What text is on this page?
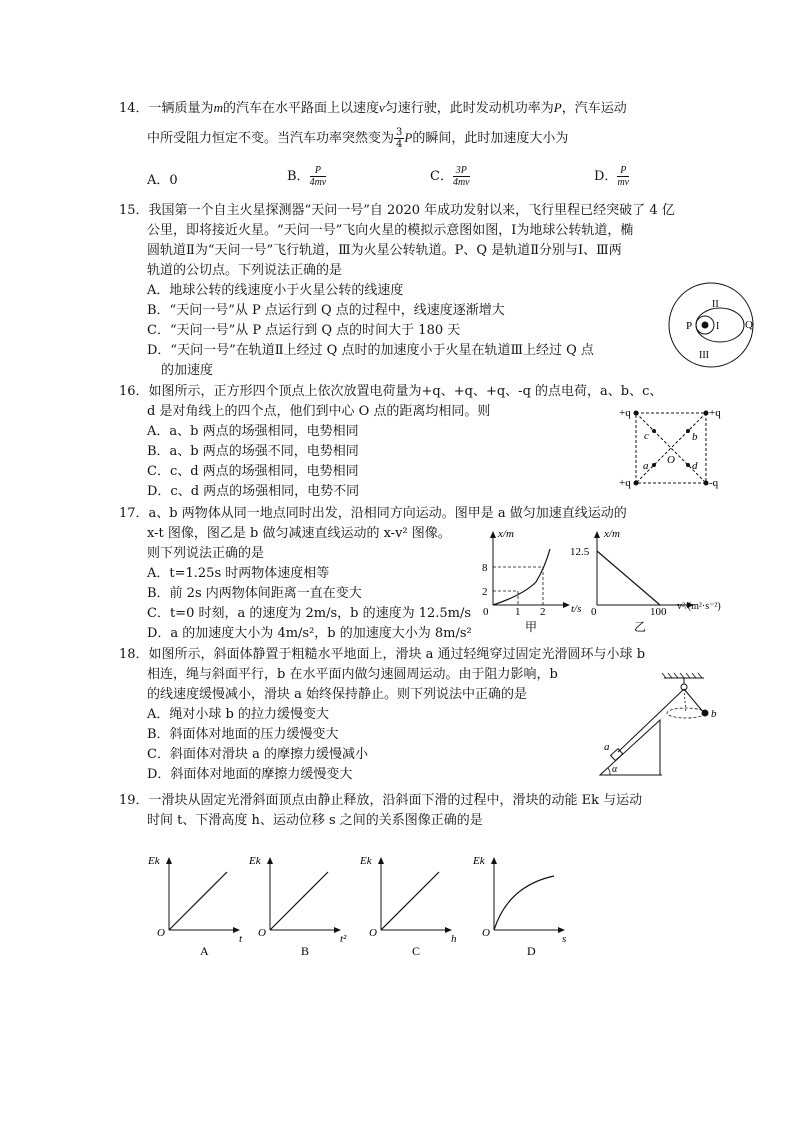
14．一辆质量为m的汽车在水平路面上以速度v匀速行驶，此时发动机功率为P，汽车运动
中所受阻力恒定不变。当汽车功率突然变为 $\frac{3}{4}$ P的瞬间，此时加速度大小为
A．0	B． $\frac{P}{4mv}$	C． $\frac{3P}{4mv}$	D． $\frac{P}{mv}$
15．我国第一个自主火星探测器“天问一号”自 2020 年成功发射以来，飞行里程已经突破了 4 亿
公里，即将接近火星。“天问一号”飞向火星的模拟示意图如图，Ⅰ为地球公转轨道，椭
圆轨道Ⅱ为“天问一号”飞行轨道，Ⅲ为火星公转轨道。P、Q 是轨道Ⅱ分别与Ⅰ、Ⅲ两
轨道的公切点。下列说法正确的是
A．地球公转的线速度小于火星公转的线速度
B．“天问一号”从 P 点运行到 Q 点的过程中，线速度逐渐增大
C．“天问一号”从 P 点运行到 Q 点的时间大于 180 天
D．“天问一号”在轨道Ⅱ上经过 Q 点时的加速度小于火星在轨道Ⅲ上经过 Q 点
的加速度
II
I
P	Q
III
16．如图所示，正方形四个顶点上依次放置电荷量为+q、+q、+q、-q 的点电荷，a、b、c、
d 是对角线上的四个点，他们到中心 O 点的距离均相同。则
A．a、b 两点的场强相同，电势相同
B．a、b 两点的场强不同，电势相同
C．c、d 两点的场强相同，电势相同
D．c、d 两点的场强相同，电势不同
+q	+q
+q	-q
c	b
a	d
O
17．a、b 两物体从同一地点同时出发，沿相同方向运动。图甲是 a 做匀加速直线运动的
x-t 图像，图乙是 b 做匀减速直线运动的 x-v² 图像。
则下列说法正确的是
A．t=1.25s 时两物体速度相等
B．前 2s 内两物体间距离一直在变大
C．t=0 时刻，a 的速度为 2m/s，b 的速度为 12.5m/s
D．a 的加速度大小为 4m/s²，b 的加速度大小为 8m/s²
x/m
t/s
8
2
0 1 2
甲
x/m
12.5
0	100 v²/(m²·s⁻²)
乙
18．如图所示，斜面体静置于粗糙水平地面上，滑块 a 通过轻绳穿过固定光滑圆环与小球 b
相连，绳与斜面平行，b 在水平面内做匀速圆周运动。由于阻力影响，b
的线速度缓慢减小，滑块 a 始终保持静止。则下列说法中正确的是
A．绳对小球 b 的拉力缓慢变大
B．斜面体对地面的压力缓慢变大
C．斜面体对滑块 a 的摩擦力缓慢减小
D．斜面体对地面的摩擦力缓慢变大
b
a
α
19．一滑块从固定光滑斜面顶点由静止释放，沿斜面下滑的过程中，滑块的动能 Ek 与运动
时间 t、下滑高度 h、运动位移 s 之间的关系图像正确的是
Ek
O	t
A
Ek
O	t²
B
Ek
O	h
C
Ek
O	s
D
